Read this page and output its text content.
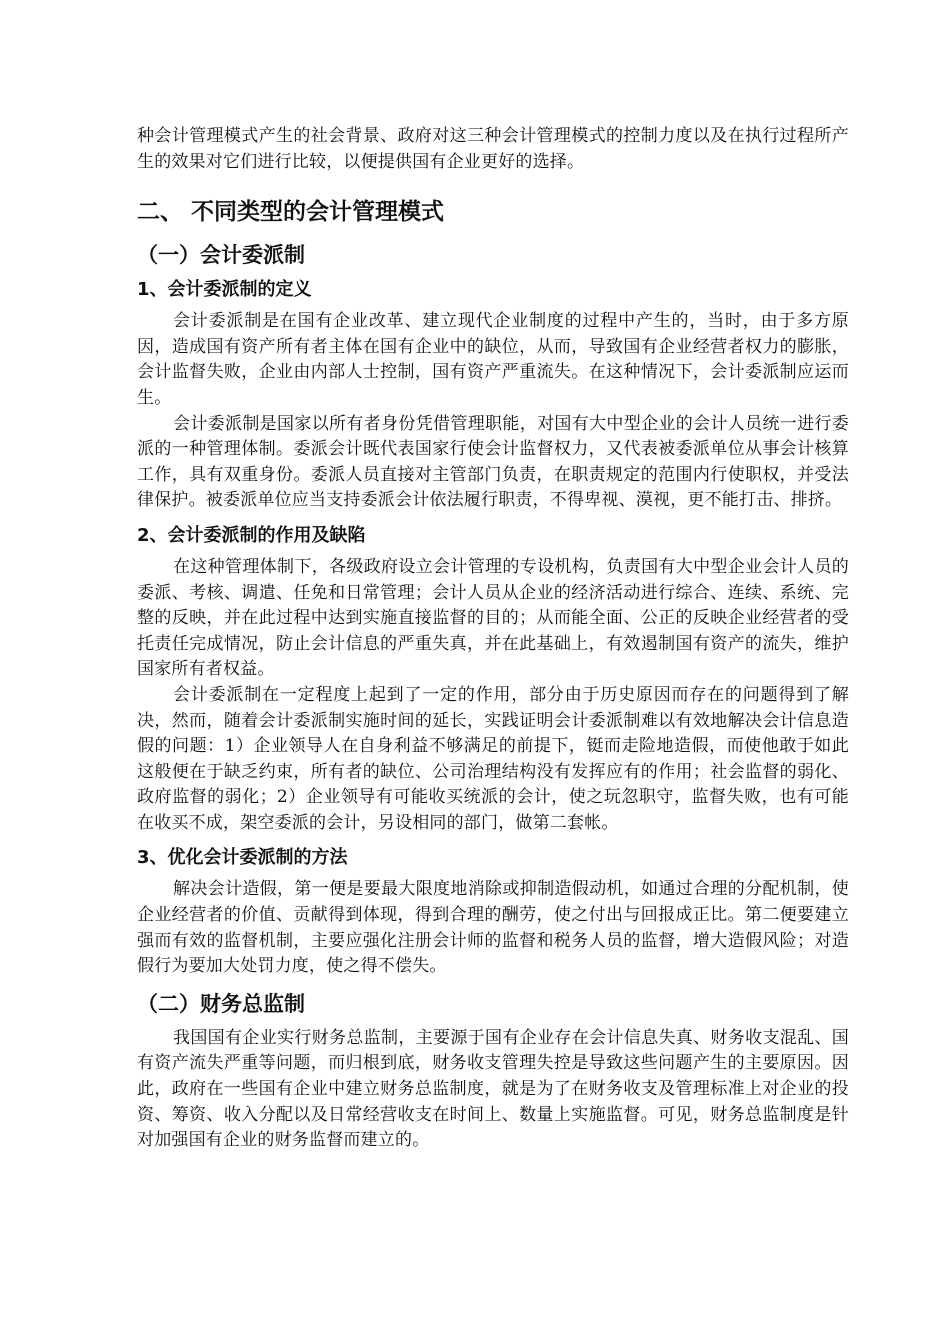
种会计管理模式产生的社会背景、政府对这三种会计管理模式的控制力度以及在执行过程所产生的效果对它们进行比较，以便提供国有企业更好的选择。

二、 不同类型的会计管理模式
（一）会计委派制
1、会计委派制的定义

会计委派制是在国有企业改革、建立现代企业制度的过程中产生的，当时，由于多方原因，造成国有资产所有者主体在国有企业中的缺位，从而，导致国有企业经营者权力的膨胀，会计监督失败，企业由内部人士控制，国有资产严重流失。在这种情况下，会计委派制应运而生。

会计委派制是国家以所有者身份凭借管理职能，对国有大中型企业的会计人员统一进行委派的一种管理体制。委派会计既代表国家行使会计监督权力，又代表被委派单位从事会计核算工作，具有双重身份。委派人员直接对主管部门负责，在职责规定的范围内行使职权，并受法律保护。被委派单位应当支持委派会计依法履行职责，不得卑视、漠视，更不能打击、排挤。

2、会计委派制的作用及缺陷

在这种管理体制下，各级政府设立会计管理的专设机构，负责国有大中型企业会计人员的委派、考核、调遣、任免和日常管理；会计人员从企业的经济活动进行综合、连续、系统、完整的反映，并在此过程中达到实施直接监督的目的；从而能全面、公正的反映企业经营者的受托责任完成情况，防止会计信息的严重失真，并在此基础上，有效遏制国有资产的流失，维护国家所有者权益。

会计委派制在一定程度上起到了一定的作用，部分由于历史原因而存在的问题得到了解决，然而，随着会计委派制实施时间的延长，实践证明会计委派制难以有效地解决会计信息造假的问题：1）企业领导人在自身利益不够满足的前提下，铤而走险地造假，而使他敢于如此这般便在于缺乏约束，所有者的缺位、公司治理结构没有发挥应有的作用；社会监督的弱化、政府监督的弱化；2）企业领导有可能收买统派的会计，使之玩忽职守，监督失败，也有可能在收买不成，架空委派的会计，另设相同的部门，做第二套帐。

3、优化会计委派制的方法

解决会计造假，第一便是要最大限度地消除或抑制造假动机，如通过合理的分配机制，使企业经营者的价值、贡献得到体现，得到合理的酬劳，使之付出与回报成正比。第二便要建立强而有效的监督机制，主要应强化注册会计师的监督和税务人员的监督，增大造假风险；对造假行为要加大处罚力度，使之得不偿失。

（二）财务总监制

我国国有企业实行财务总监制，主要源于国有企业存在会计信息失真、财务收支混乱、国有资产流失严重等问题，而归根到底，财务收支管理失控是导致这些问题产生的主要原因。因此，政府在一些国有企业中建立财务总监制度，就是为了在财务收支及管理标准上对企业的投资、筹资、收入分配以及日常经营收支在时间上、数量上实施监督。可见，财务总监制度是针对加强国有企业的财务监督而建立的。
